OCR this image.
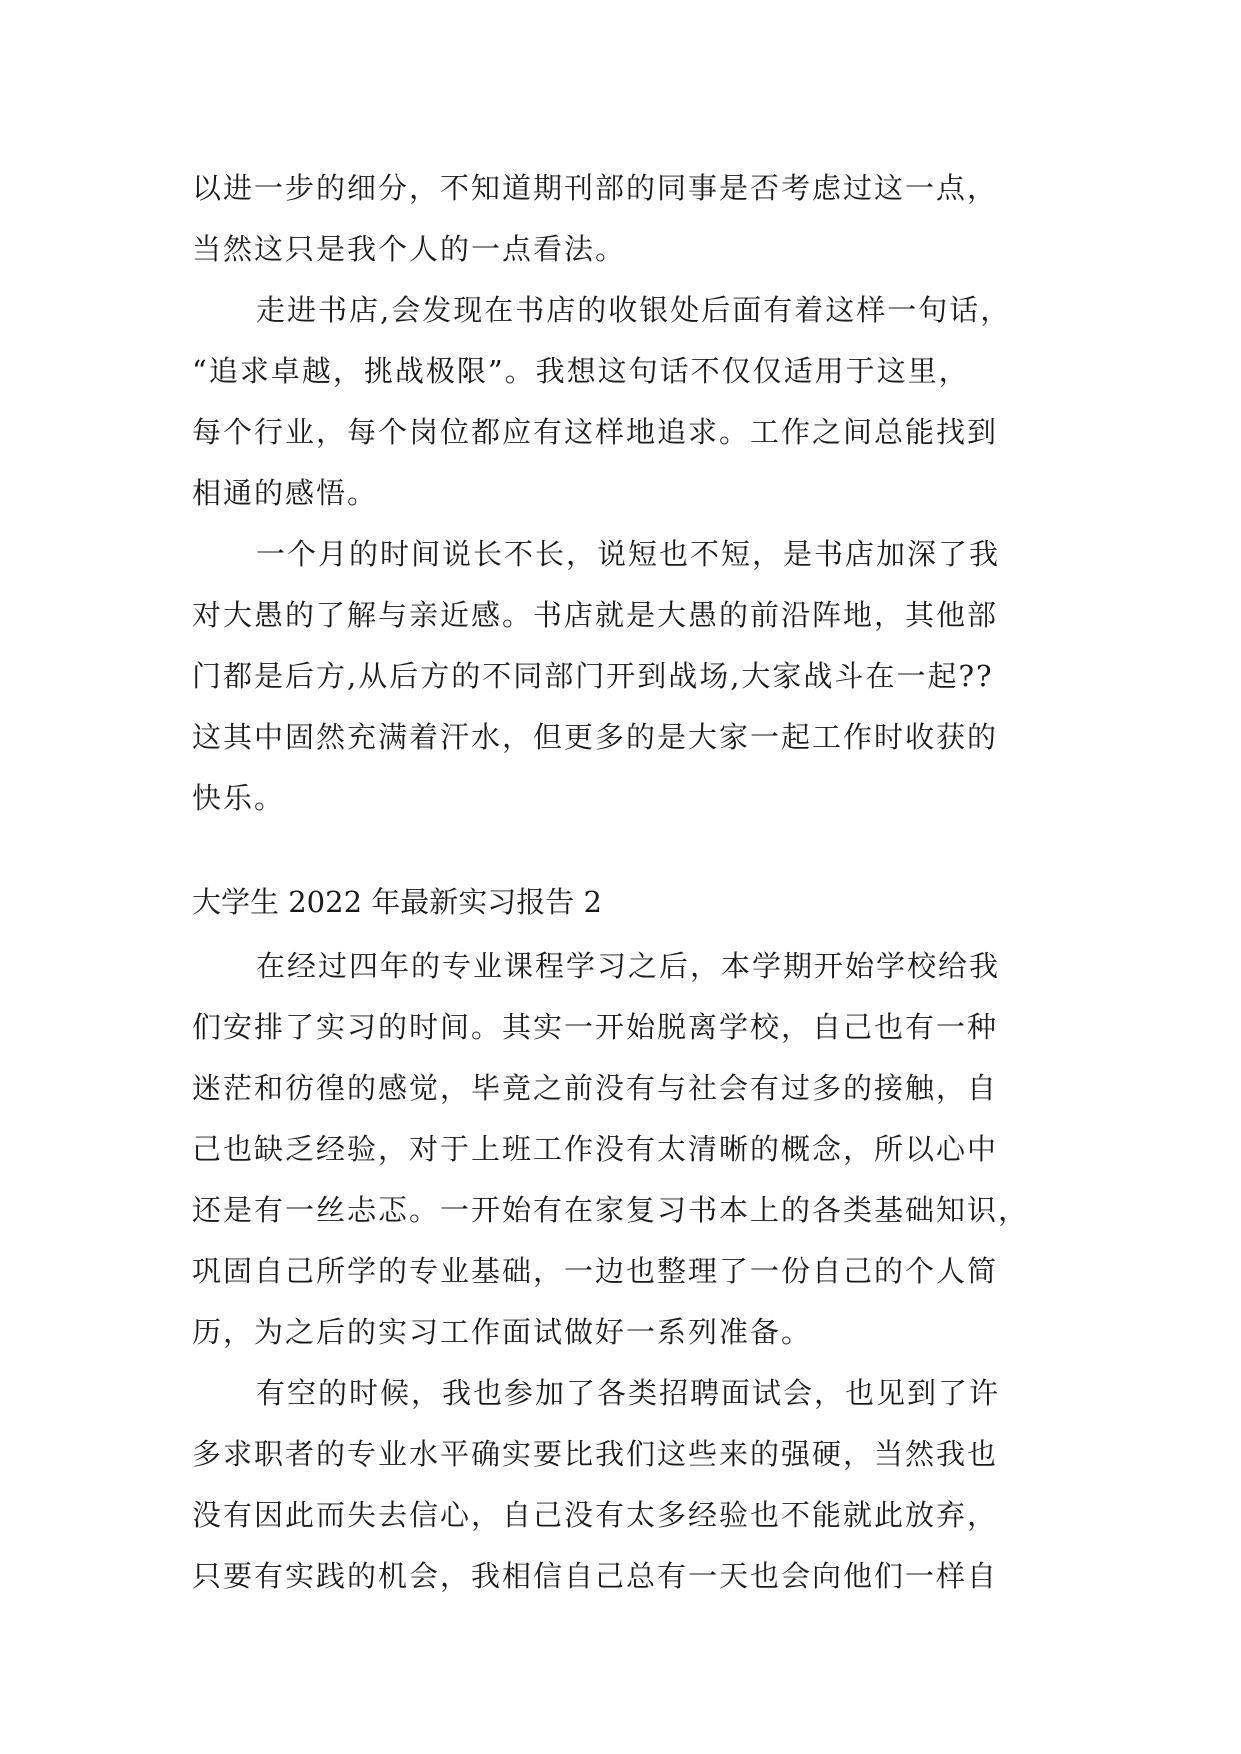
以进一步的细分，不知道期刊部的同事是否考虑过这一点，
当然这只是我个人的一点看法。
走进书店,会发现在书店的收银处后面有着这样一句话，
“追求卓越，挑战极限”。我想这句话不仅仅适用于这里，
每个行业，每个岗位都应有这样地追求。工作之间总能找到
相通的感悟。
一个月的时间说长不长，说短也不短，是书店加深了我
对大愚的了解与亲近感。书店就是大愚的前沿阵地，其他部
门都是后方,从后方的不同部门开到战场,大家战斗在一起??
这其中固然充满着汗水，但更多的是大家一起工作时收获的
快乐。
大学生 2022 年最新实习报告 2
在经过四年的专业课程学习之后，本学期开始学校给我
们安排了实习的时间。其实一开始脱离学校，自己也有一种
迷茫和彷徨的感觉，毕竟之前没有与社会有过多的接触，自
己也缺乏经验，对于上班工作没有太清晰的概念，所以心中
还是有一丝忐忑。一开始有在家复习书本上的各类基础知识，
巩固自己所学的专业基础，一边也整理了一份自己的个人简
历，为之后的实习工作面试做好一系列准备。
有空的时候，我也参加了各类招聘面试会，也见到了许
多求职者的专业水平确实要比我们这些来的强硬，当然我也
没有因此而失去信心，自己没有太多经验也不能就此放弃，
只要有实践的机会，我相信自己总有一天也会向他们一样自
